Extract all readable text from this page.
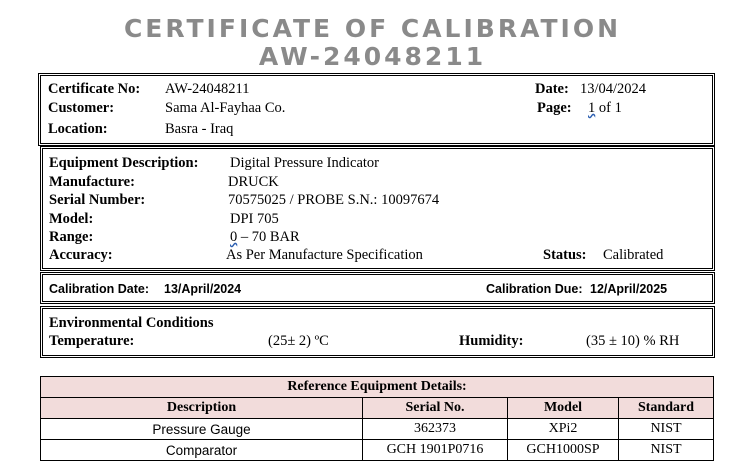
CERTIFICATE OF CALIBRATION
AW-24048211
Certificate No: AW-24048211
Customer:	Sama Al-Fayhaa Co.
Location:	Basra - Iraq
Date: 13/04/2024
Page: 1 of 1
Equipment Description: Digital Pressure Indicator
Manufacture:	DRUCK
Serial Number:	70575025 / PROBE S.N.: 10097674
Model:	DPI 705
Range:	0 – 70 BAR
Accuracy:	As Per Manufacture Specification	Status: Calibrated
Calibration Date: 13/April/2024	Calibration Due: 12/April/2025
Environmental Conditions
Temperature:	(25± 2) ºC	Humidity:	(35 ± 10) % RH
Reference Equipment Details:			
Description	Serial No.	Model	Standard
Pressure Gauge	362373	XPi2	NIST
Comparator	GCH 1901P0716	GCH1000SP	NIST
